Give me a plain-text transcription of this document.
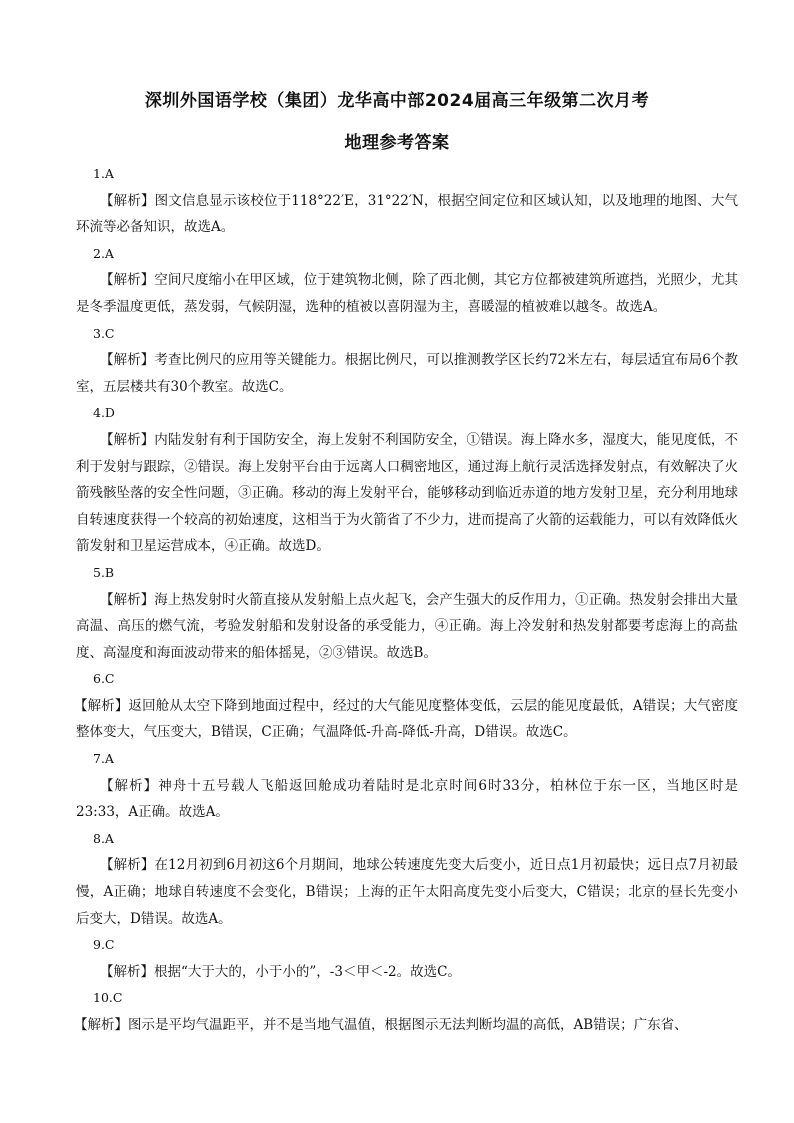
深圳外国语学校（集团）龙华高中部2024届高三年级第二次月考
地理参考答案
1.A
【解析】图文信息显示该校位于118°22′E，31°22′N，根据空间定位和区域认知，以及地理的地图、大气环流等必备知识，故选A。
2.A
【解析】空间尺度缩小在甲区域，位于建筑物北侧，除了西北侧，其它方位都被建筑所遮挡，光照少，尤其是冬季温度更低，蒸发弱，气候阴湿，选种的植被以喜阴湿为主，喜暖湿的植被难以越冬。故选A。
3.C
【解析】考查比例尺的应用等关键能力。根据比例尺，可以推测教学区长约72米左右，每层适宜布局6个教室，五层楼共有30个教室。故选C。
4.D
【解析】内陆发射有利于国防安全，海上发射不利国防安全，①错误。海上降水多，湿度大，能见度低，不利于发射与跟踪，②错误。海上发射平台由于远离人口稠密地区，通过海上航行灵活选择发射点，有效解决了火箭残骸坠落的安全性问题，③正确。移动的海上发射平台，能够移动到临近赤道的地方发射卫星，充分利用地球自转速度获得一个较高的初始速度，这相当于为火箭省了不少力，进而提高了火箭的运载能力，可以有效降低火箭发射和卫星运营成本，④正确。故选D。
5.B
【解析】海上热发射时火箭直接从发射船上点火起飞，会产生强大的反作用力，①正确。热发射会排出大量高温、高压的燃气流，考验发射船和发射设备的承受能力，④正确。海上冷发射和热发射都要考虑海上的高盐度、高湿度和海面波动带来的船体摇晃，②③错误。故选B。
6.C
【解析】返回舱从太空下降到地面过程中，经过的大气能见度整体变低，云层的能见度最低，A错误；大气密度整体变大，气压变大，B错误，C正确；气温降低-升高-降低-升高，D错误。故选C。
7.A
【解析】神舟十五号载人飞船返回舱成功着陆时是北京时间6时33分，柏林位于东一区，当地区时是23:33，A正确。故选A。
8.A
【解析】在12月初到6月初这6个月期间，地球公转速度先变大后变小，近日点1月初最快；远日点7月初最慢，A正确；地球自转速度不会变化，B错误；上海的正午太阳高度先变小后变大，C错误；北京的昼长先变小后变大，D错误。故选A。
9.C
【解析】根据“大于大的，小于小的”，-3＜甲＜-2。故选C。
10.C
【解析】图示是平均气温距平，并不是当地气温值，根据图示无法判断均温的高低，AB错误；广东省、
